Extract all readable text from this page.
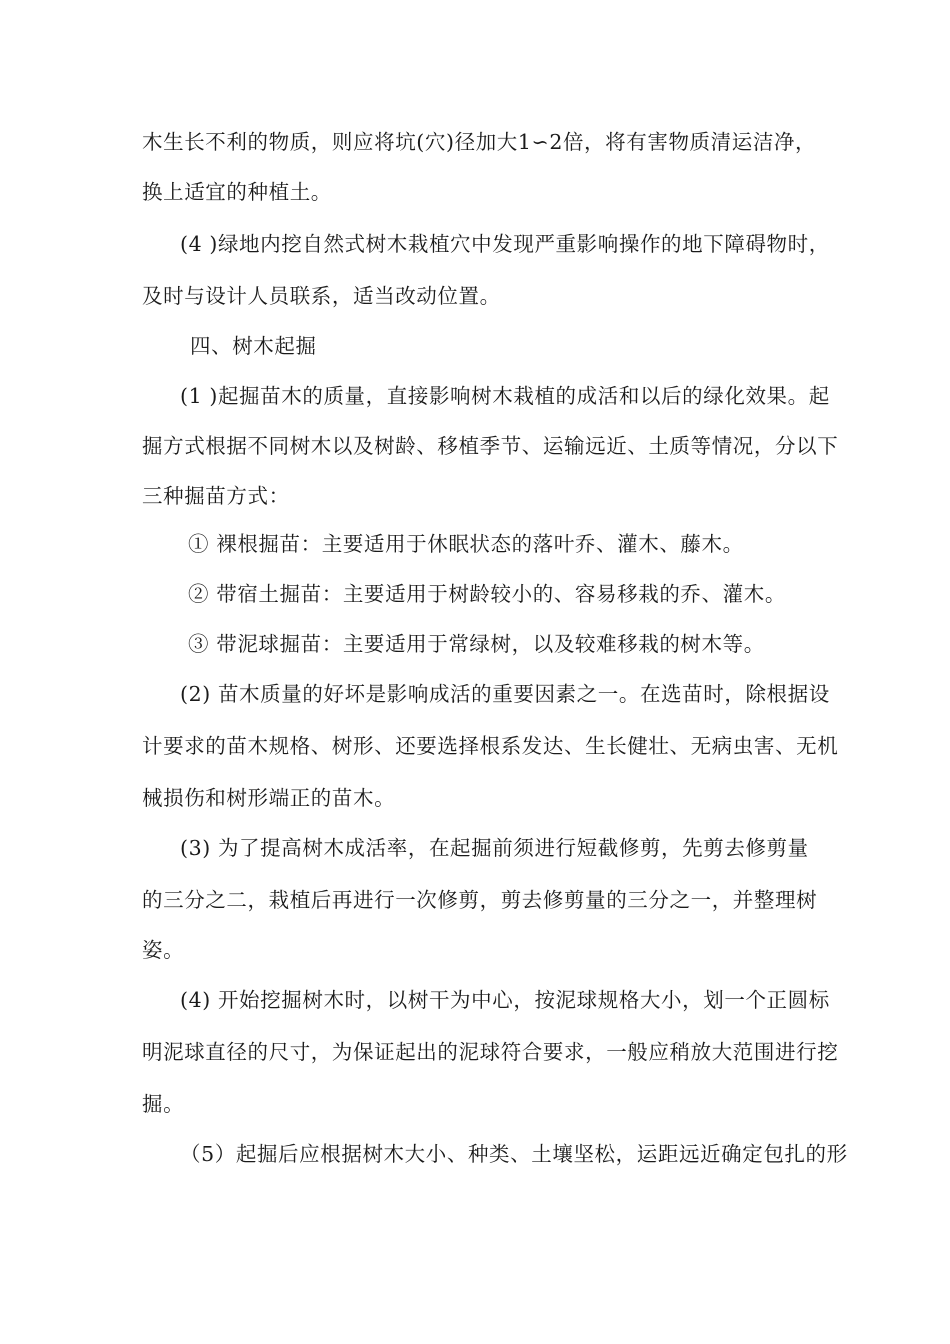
木生长不利的物质，则应将坑(穴)径加大1∽2倍，将有害物质清运洁净，
换上适宜的种植土。
(4 )绿地内挖自然式树木栽植穴中发现严重影响操作的地下障碍物时，
及时与设计人员联系，适当改动位置。
四、树木起掘
(1 )起掘苗木的质量，直接影响树木栽植的成活和以后的绿化效果。起
掘方式根据不同树木以及树龄、移植季节、运输远近、土质等情况，分以下
三种掘苗方式：
① 裸根掘苗：主要适用于休眠状态的落叶乔、灌木、藤木。
② 带宿土掘苗：主要适用于树龄较小的、容易移栽的乔、灌木。
③ 带泥球掘苗：主要适用于常绿树，以及较难移栽的树木等。
(2) 苗木质量的好坏是影响成活的重要因素之一。在选苗时，除根据设
计要求的苗木规格、树形、还要选择根系发达、生长健壮、无病虫害、无机
械损伤和树形端正的苗木。
(3) 为了提高树木成活率，在起掘前须进行短截修剪，先剪去修剪量
的三分之二，栽植后再进行一次修剪，剪去修剪量的三分之一，并整理树
姿。
(4) 开始挖掘树木时，以树干为中心，按泥球规格大小，划一个正圆标
明泥球直径的尺寸，为保证起出的泥球符合要求，一般应稍放大范围进行挖
掘。
（5）起掘后应根据树木大小、种类、土壤坚松，运距远近确定包扎的形
